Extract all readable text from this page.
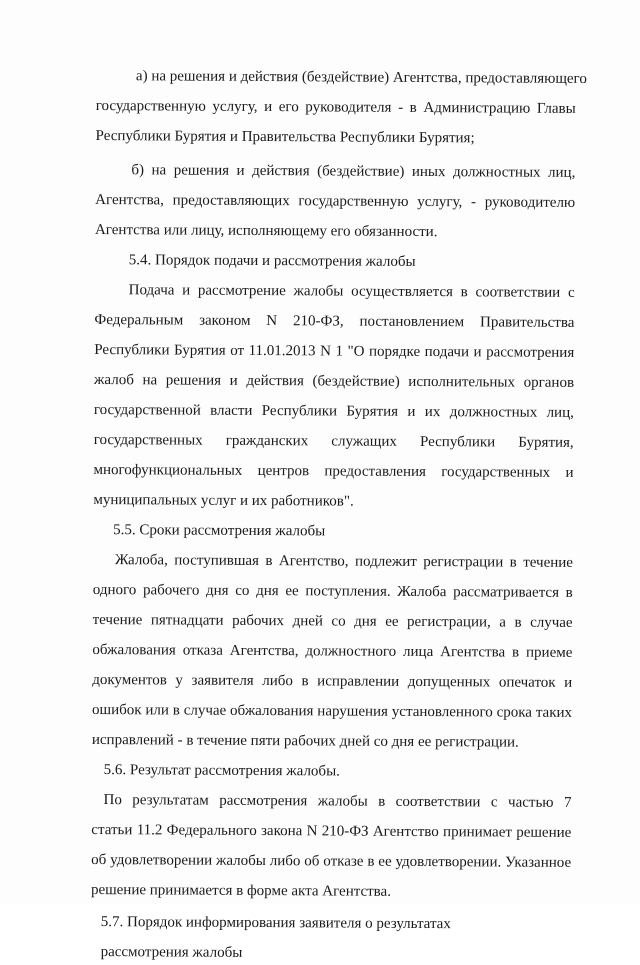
а) на решения и действия (бездействие) Агентства, предоставляющего

государственную услугу, и его руководителя - в Администрацию Главы

Республики Бурятия и Правительства Республики Бурятия;

б) на решения и действия (бездействие) иных должностных лиц,

Агентства, предоставляющих государственную услугу, - руководителю

Агентства или лицу, исполняющему его обязанности.

5.4. Порядок подачи и рассмотрения жалобы

Подача и рассмотрение жалобы осуществляется в соответствии с

Федеральным законом N 210-ФЗ, постановлением Правительства

Республики Бурятия от 11.01.2013 N 1 "О порядке подачи и рассмотрения

жалоб на решения и действия (бездействие) исполнительных органов

государственной власти Республики Бурятия и их должностных лиц,

государственных гражданских служащих Республики Бурятия,

многофункциональных центров предоставления государственных и

муниципальных услуг и их работников".

5.5. Сроки рассмотрения жалобы

Жалоба, поступившая в Агентство, подлежит регистрации в течение

одного рабочего дня со дня ее поступления. Жалоба рассматривается в

течение пятнадцати рабочих дней со дня ее регистрации, а в случае

обжалования отказа Агентства, должностного лица Агентства в приеме

документов у заявителя либо в исправлении допущенных опечаток и

ошибок или в случае обжалования нарушения установленного срока таких

исправлений - в течение пяти рабочих дней со дня ее регистрации.

5.6. Результат рассмотрения жалобы.

По результатам рассмотрения жалобы в соответствии с частью 7

статьи 11.2 Федерального закона N 210-ФЗ Агентство принимает решение

об удовлетворении жалобы либо об отказе в ее удовлетворении. Указанное

решение принимается в форме акта Агентства.

5.7. Порядок информирования заявителя о результатах

рассмотрения жалобы
